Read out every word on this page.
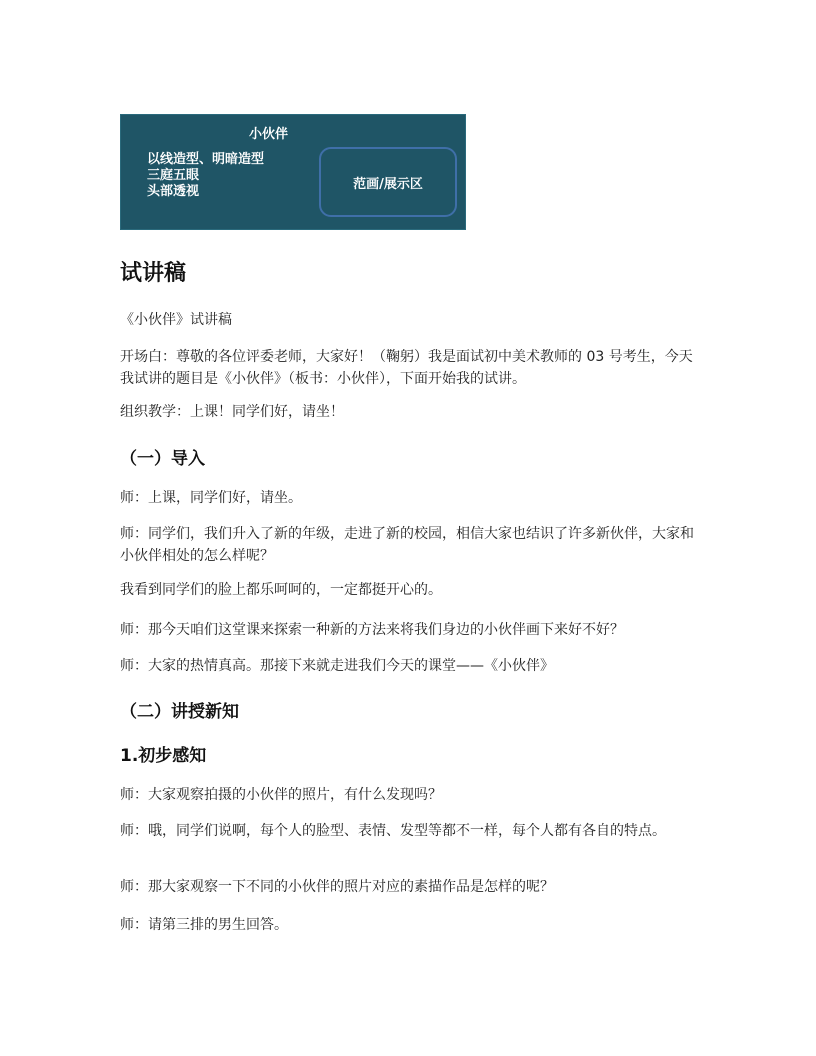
小伙伴
以线造型、明暗造型
三庭五眼
头部透视	范画/展示区
试讲稿
《小伙伴》试讲稿
开场白：尊敬的各位评委老师，大家好！（鞠躬）我是面试初中美术教师的 03 号考生，今天我试讲的题目是《小伙伴》（板书：小伙伴），下面开始我的试讲。
组织教学：上课！同学们好，请坐！
（一）导入
师：上课，同学们好，请坐。
师：同学们，我们升入了新的年级，走进了新的校园，相信大家也结识了许多新伙伴，大家和小伙伴相处的怎么样呢？
我看到同学们的脸上都乐呵呵的，一定都挺开心的。
师：那今天咱们这堂课来探索一种新的方法来将我们身边的小伙伴画下来好不好？
师：大家的热情真高。那接下来就走进我们今天的课堂——《小伙伴》
（二）讲授新知
1.初步感知
师：大家观察拍摄的小伙伴的照片，有什么发现吗？
师：哦，同学们说啊，每个人的脸型、表情、发型等都不一样，每个人都有各自的特点。
师：那大家观察一下不同的小伙伴的照片对应的素描作品是怎样的呢？
师：请第三排的男生回答。
